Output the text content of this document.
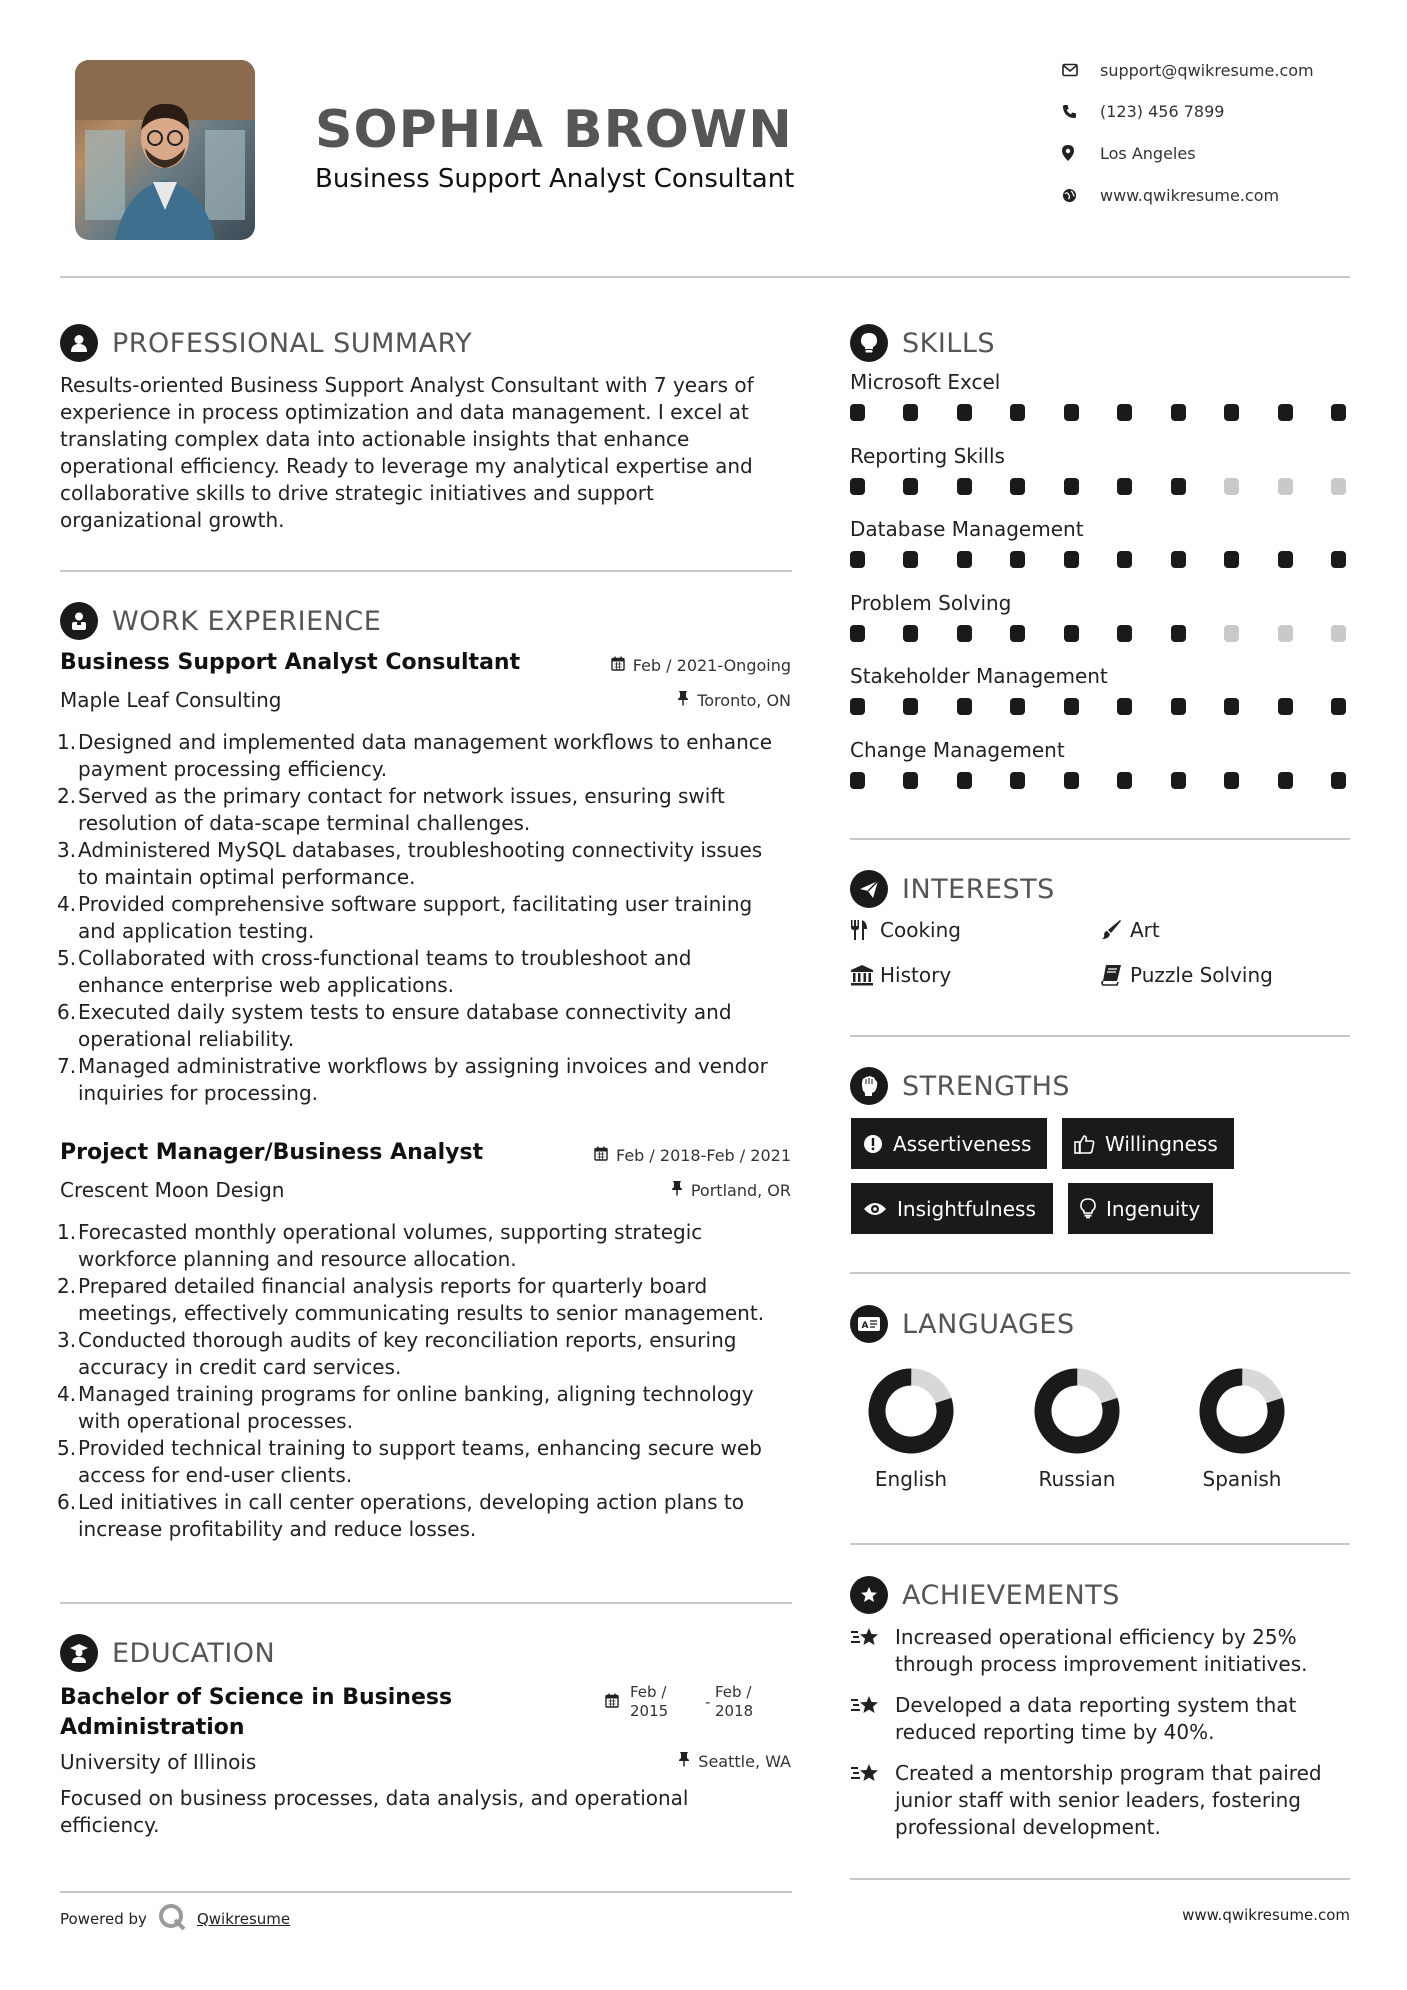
SOPHIA BROWN
Business Support Analyst Consultant
support@qwikresume.com
(123) 456 7899
Los Angeles
www.qwikresume.com
PROFESSIONAL SUMMARY
Results-oriented Business Support Analyst Consultant with 7 years of
experience in process optimization and data management. I excel at
translating complex data into actionable insights that enhance
operational efficiency. Ready to leverage my analytical expertise and
collaborative skills to drive strategic initiatives and support
organizational growth.
WORK EXPERIENCE
Business Support Analyst Consultant	Feb / 2021-Ongoing
Maple Leaf Consulting	Toronto, ON
Designed and implemented data management workflows to enhance
payment processing efficiency.
Served as the primary contact for network issues, ensuring swift
resolution of data-scape terminal challenges.
Administered MySQL databases, troubleshooting connectivity issues
to maintain optimal performance.
Provided comprehensive software support, facilitating user training
and application testing.
Collaborated with cross-functional teams to troubleshoot and
enhance enterprise web applications.
Executed daily system tests to ensure database connectivity and
operational reliability.
Managed administrative workflows by assigning invoices and vendor
inquiries for processing.
Project Manager/Business Analyst	Feb / 2018-Feb / 2021
Crescent Moon Design	Portland, OR
Forecasted monthly operational volumes, supporting strategic
workforce planning and resource allocation.
Prepared detailed financial analysis reports for quarterly board
meetings, effectively communicating results to senior management.
Conducted thorough audits of key reconciliation reports, ensuring
accuracy in credit card services.
Managed training programs for online banking, aligning technology
with operational processes.
Provided technical training to support teams, enhancing secure web
access for end-user clients.
Led initiatives in call center operations, developing action plans to
increase profitability and reduce losses.
EDUCATION
Bachelor of Science in Business
Administration
Feb /
2015 -
Feb /
2018
University of Illinois	Seattle, WA
Focused on business processes, data analysis, and operational
efficiency.
Powered by	Qwikresume	www.qwikresume.com
SKILLS
Microsoft Excel
Reporting Skills
Database Management
Problem Solving
Stakeholder Management
Change Management
INTERESTS
Cooking	Art
History	Puzzle Solving
STRENGTHS
Assertiveness	Willingness
Insightfulness	Ingenuity
A LANGUAGES
English	Russian	Spanish
ACHIEVEMENTS
Increased operational efficiency by 25%
through process improvement initiatives.
Developed a data reporting system that
reduced reporting time by 40%.
Created a mentorship program that paired
junior staff with senior leaders, fostering
professional development.
